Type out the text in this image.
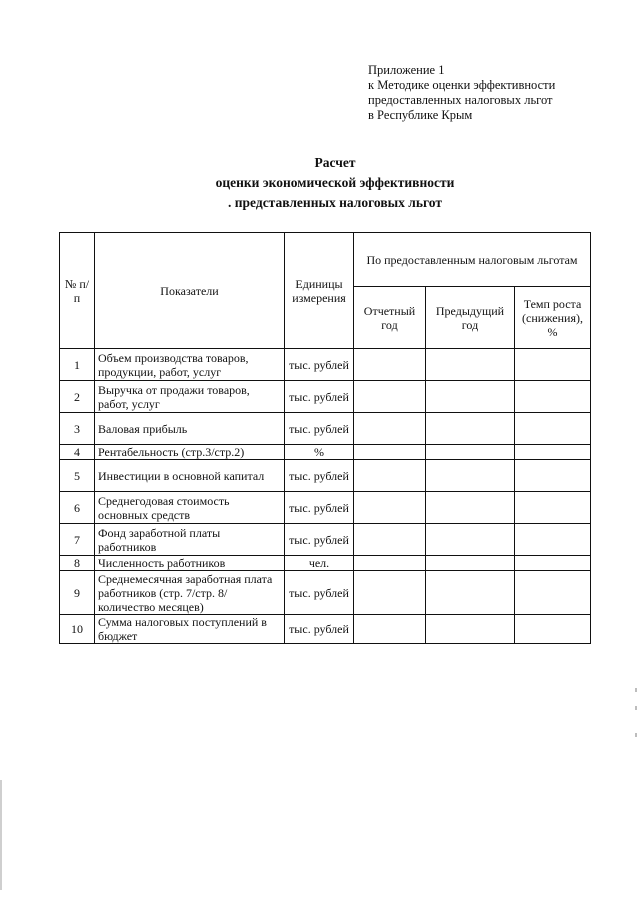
Приложение 1
к Методике оценки эффективности
предоставленных налоговых льгот
в Республике Крым
Расчет
оценки экономической эффективности
. представленных налоговых льгот
№ п/п	Показатели	Единицы измерения	По предоставленным налоговым льготам		
			Отчетный год	Предыдущий год	Темп роста (снижения), %
1	Объем производства товаров, продукции, работ, услуг	тыс. рублей			
2	Выручка от продажи товаров, работ, услуг	тыс. рублей			
3	Валовая прибыль	тыс. рублей			
4	Рентабельность (стр.3/стр.2)	%			
5	Инвестиции в основной капитал	тыс. рублей			
6	Среднегодовая стоимость основных средств	тыс. рублей			
7	Фонд заработной платы работников	тыс. рублей			
8	Численность работников	чел.			
9	Среднемесячная заработная плата работников (стр. 7/стр. 8/количество месяцев)	тыс. рублей			
10	Сумма налоговых поступлений в бюджет	тыс. рублей			
